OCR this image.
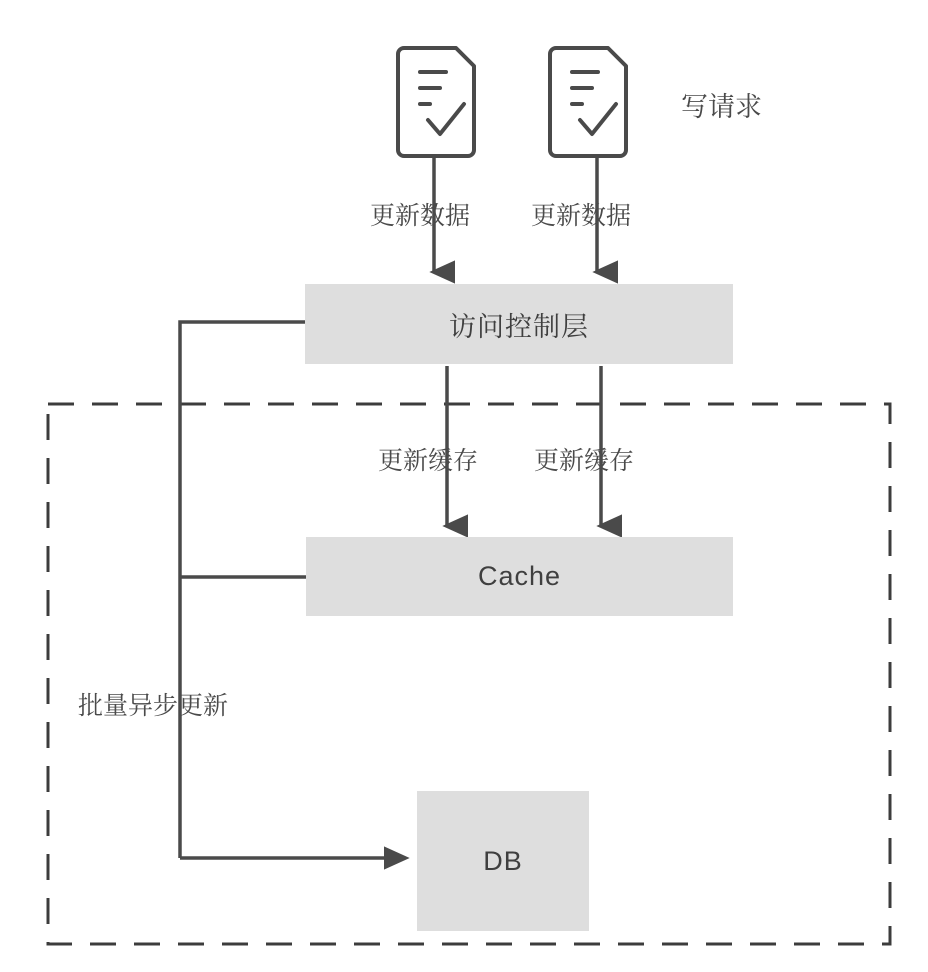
访问控制层
Cache
DB
写请求
更新数据 更新数据
更新缓存 更新缓存
批量异步更新
